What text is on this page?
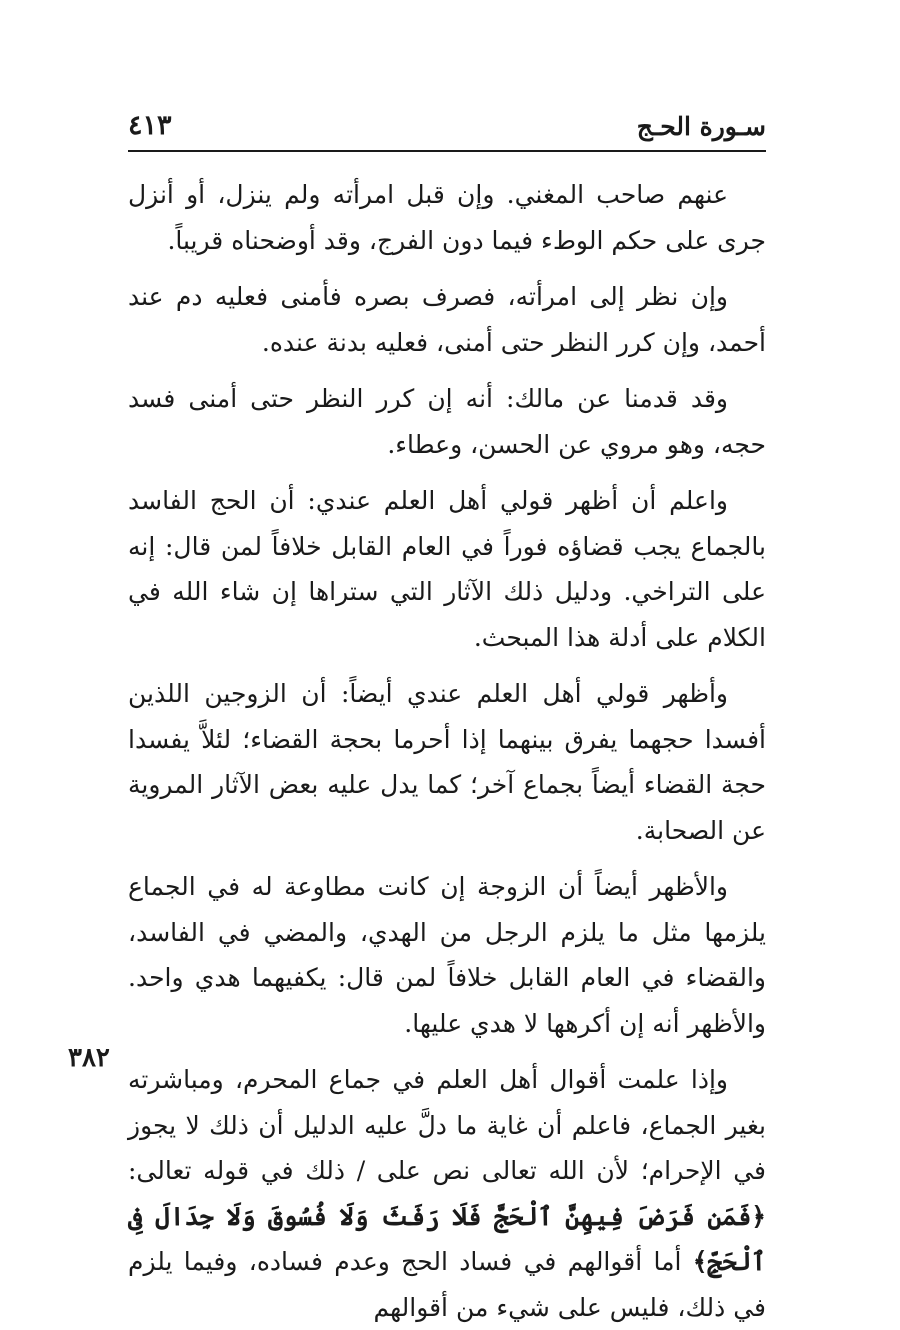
سـورة الحـج
٤١٣

عنهم صاحب المغني. وإن قبل امرأته ولم ينزل، أو أنزل جرى على حكم الوطء فيما دون الفرج، وقد أوضحناه قريباً.

وإن نظر إلى امرأته، فصرف بصره فأمنى فعليه دم عند أحمد، وإن كرر النظر حتى أمنى، فعليه بدنة عنده.

وقد قدمنا عن مالك: أنه إن كرر النظر حتى أمنى فسد حجه، وهو مروي عن الحسن، وعطاء.

واعلم أن أظهر قولي أهل العلم عندي: أن الحج الفاسد بالجماع يجب قضاؤه فوراً في العام القابل خلافاً لمن قال: إنه على التراخي. ودليل ذلك الآثار التي ستراها إن شاء الله في الكلام على أدلة هذا المبحث.

وأظهر قولي أهل العلم عندي أيضاً: أن الزوجين اللذين أفسدا حجهما يفرق بينهما إذا أحرما بحجة القضاء؛ لئلاَّ يفسدا حجة القضاء أيضاً بجماع آخر؛ كما يدل عليه بعض الآثار المروية عن الصحابة.

والأظهر أيضاً أن الزوجة إن كانت مطاوعة له في الجماع يلزمها مثل ما يلزم الرجل من الهدي، والمضي في الفاسد، والقضاء في العام القابل خلافاً لمن قال: يكفيهما هدي واحد. والأظهر أنه إن أكرهها لا هدي عليها.

وإذا علمت أقوال أهل العلم في جماع المحرم، ومباشرته بغير الجماع، فاعلم أن غاية ما دلَّ عليه الدليل أن ذلك لا يجوز في الإحرام؛ لأن الله تعالى نص على / ذلك في قوله تعالى: ﴿فَمَن فَرَضَ فِيهِنَّ ٱلْحَجَّ فَلَا رَفَثَ وَلَا فُسُوقَ وَلَا جِدَالَ فِى ٱلْحَجِّ﴾ أما أقوالهم في فساد الحج وعدم فساده، وفيما يلزم في ذلك، فليس على شيء من أقوالهم

٣٨٢
